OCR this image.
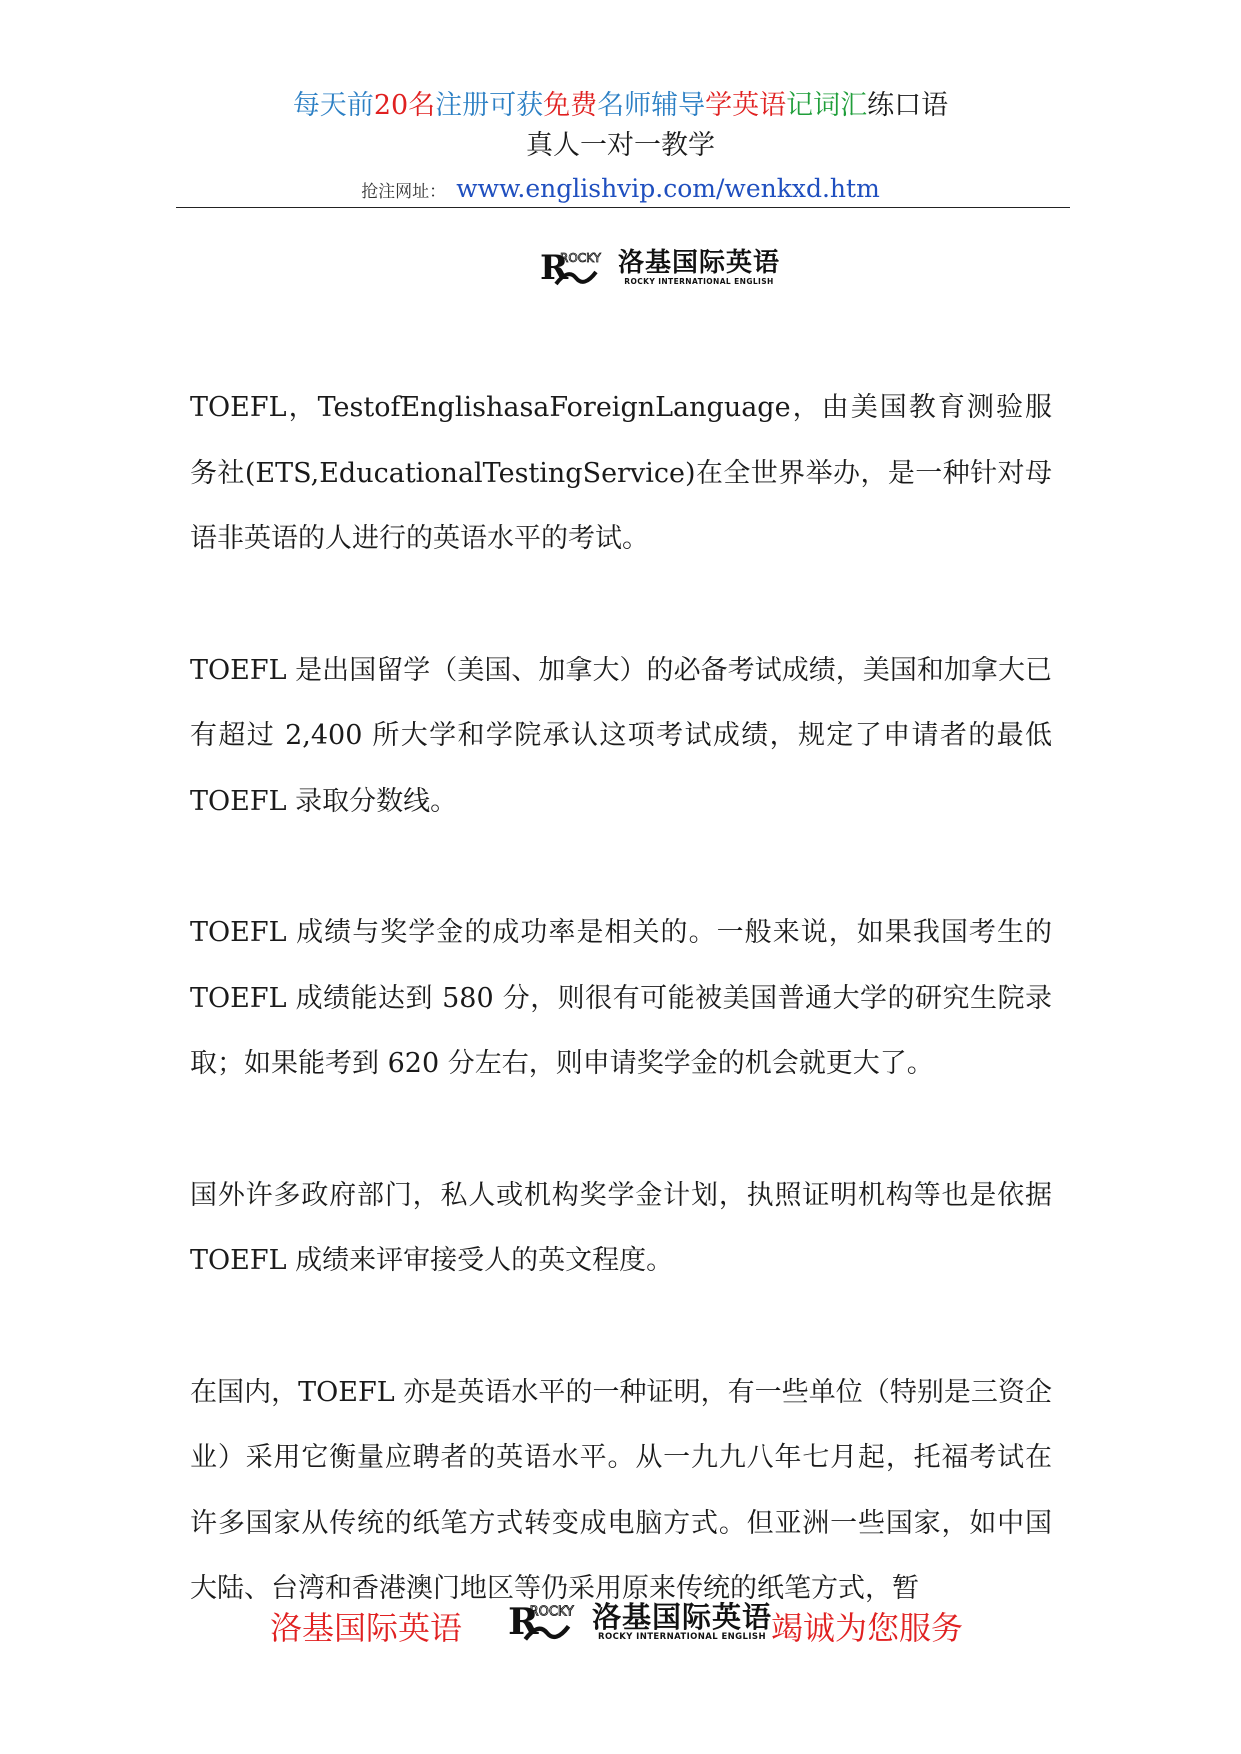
每天前20名注册可获免费名师辅导学英语记词汇练口语
真人一对一教学
抢注网址： www.englishvip.com/wenkxd.htm
R
ROCKY 洛基国际英语
ROCKY INTERNATIONAL ENGLISH

TOEFL，TestofEnglishasaForeignLanguage，由美国教育测验服务社(ETS,EducationalTestingService)在全世界举办，是一种针对母语非英语的人进行的英语水平的考试。

TOEFL 是出国留学（美国、加拿大）的必备考试成绩，美国和加拿大已有超过 2,400 所大学和学院承认这项考试成绩，规定了申请者的最低 TOEFL 录取分数线。

TOEFL 成绩与奖学金的成功率是相关的。一般来说，如果我国考生的 TOEFL 成绩能达到 580 分，则很有可能被美国普通大学的研究生院录取；如果能考到 620 分左右，则申请奖学金的机会就更大了。

国外许多政府部门，私人或机构奖学金计划，执照证明机构等也是依据 TOEFL 成绩来评审接受人的英文程度。

在国内，TOEFL 亦是英语水平的一种证明，有一些单位（特别是三资企业）采用它衡量应聘者的英语水平。从一九九八年七月起，托福考试在许多国家从传统的纸笔方式转变成电脑方式。但亚洲一些国家，如中国大陆、台湾和香港澳门地区等仍采用原来传统的纸笔方式，暂

洛基国际英语 R
ROCKY 洛基国际英语
ROCKY INTERNATIONAL ENGLISH 竭诚为您服务
